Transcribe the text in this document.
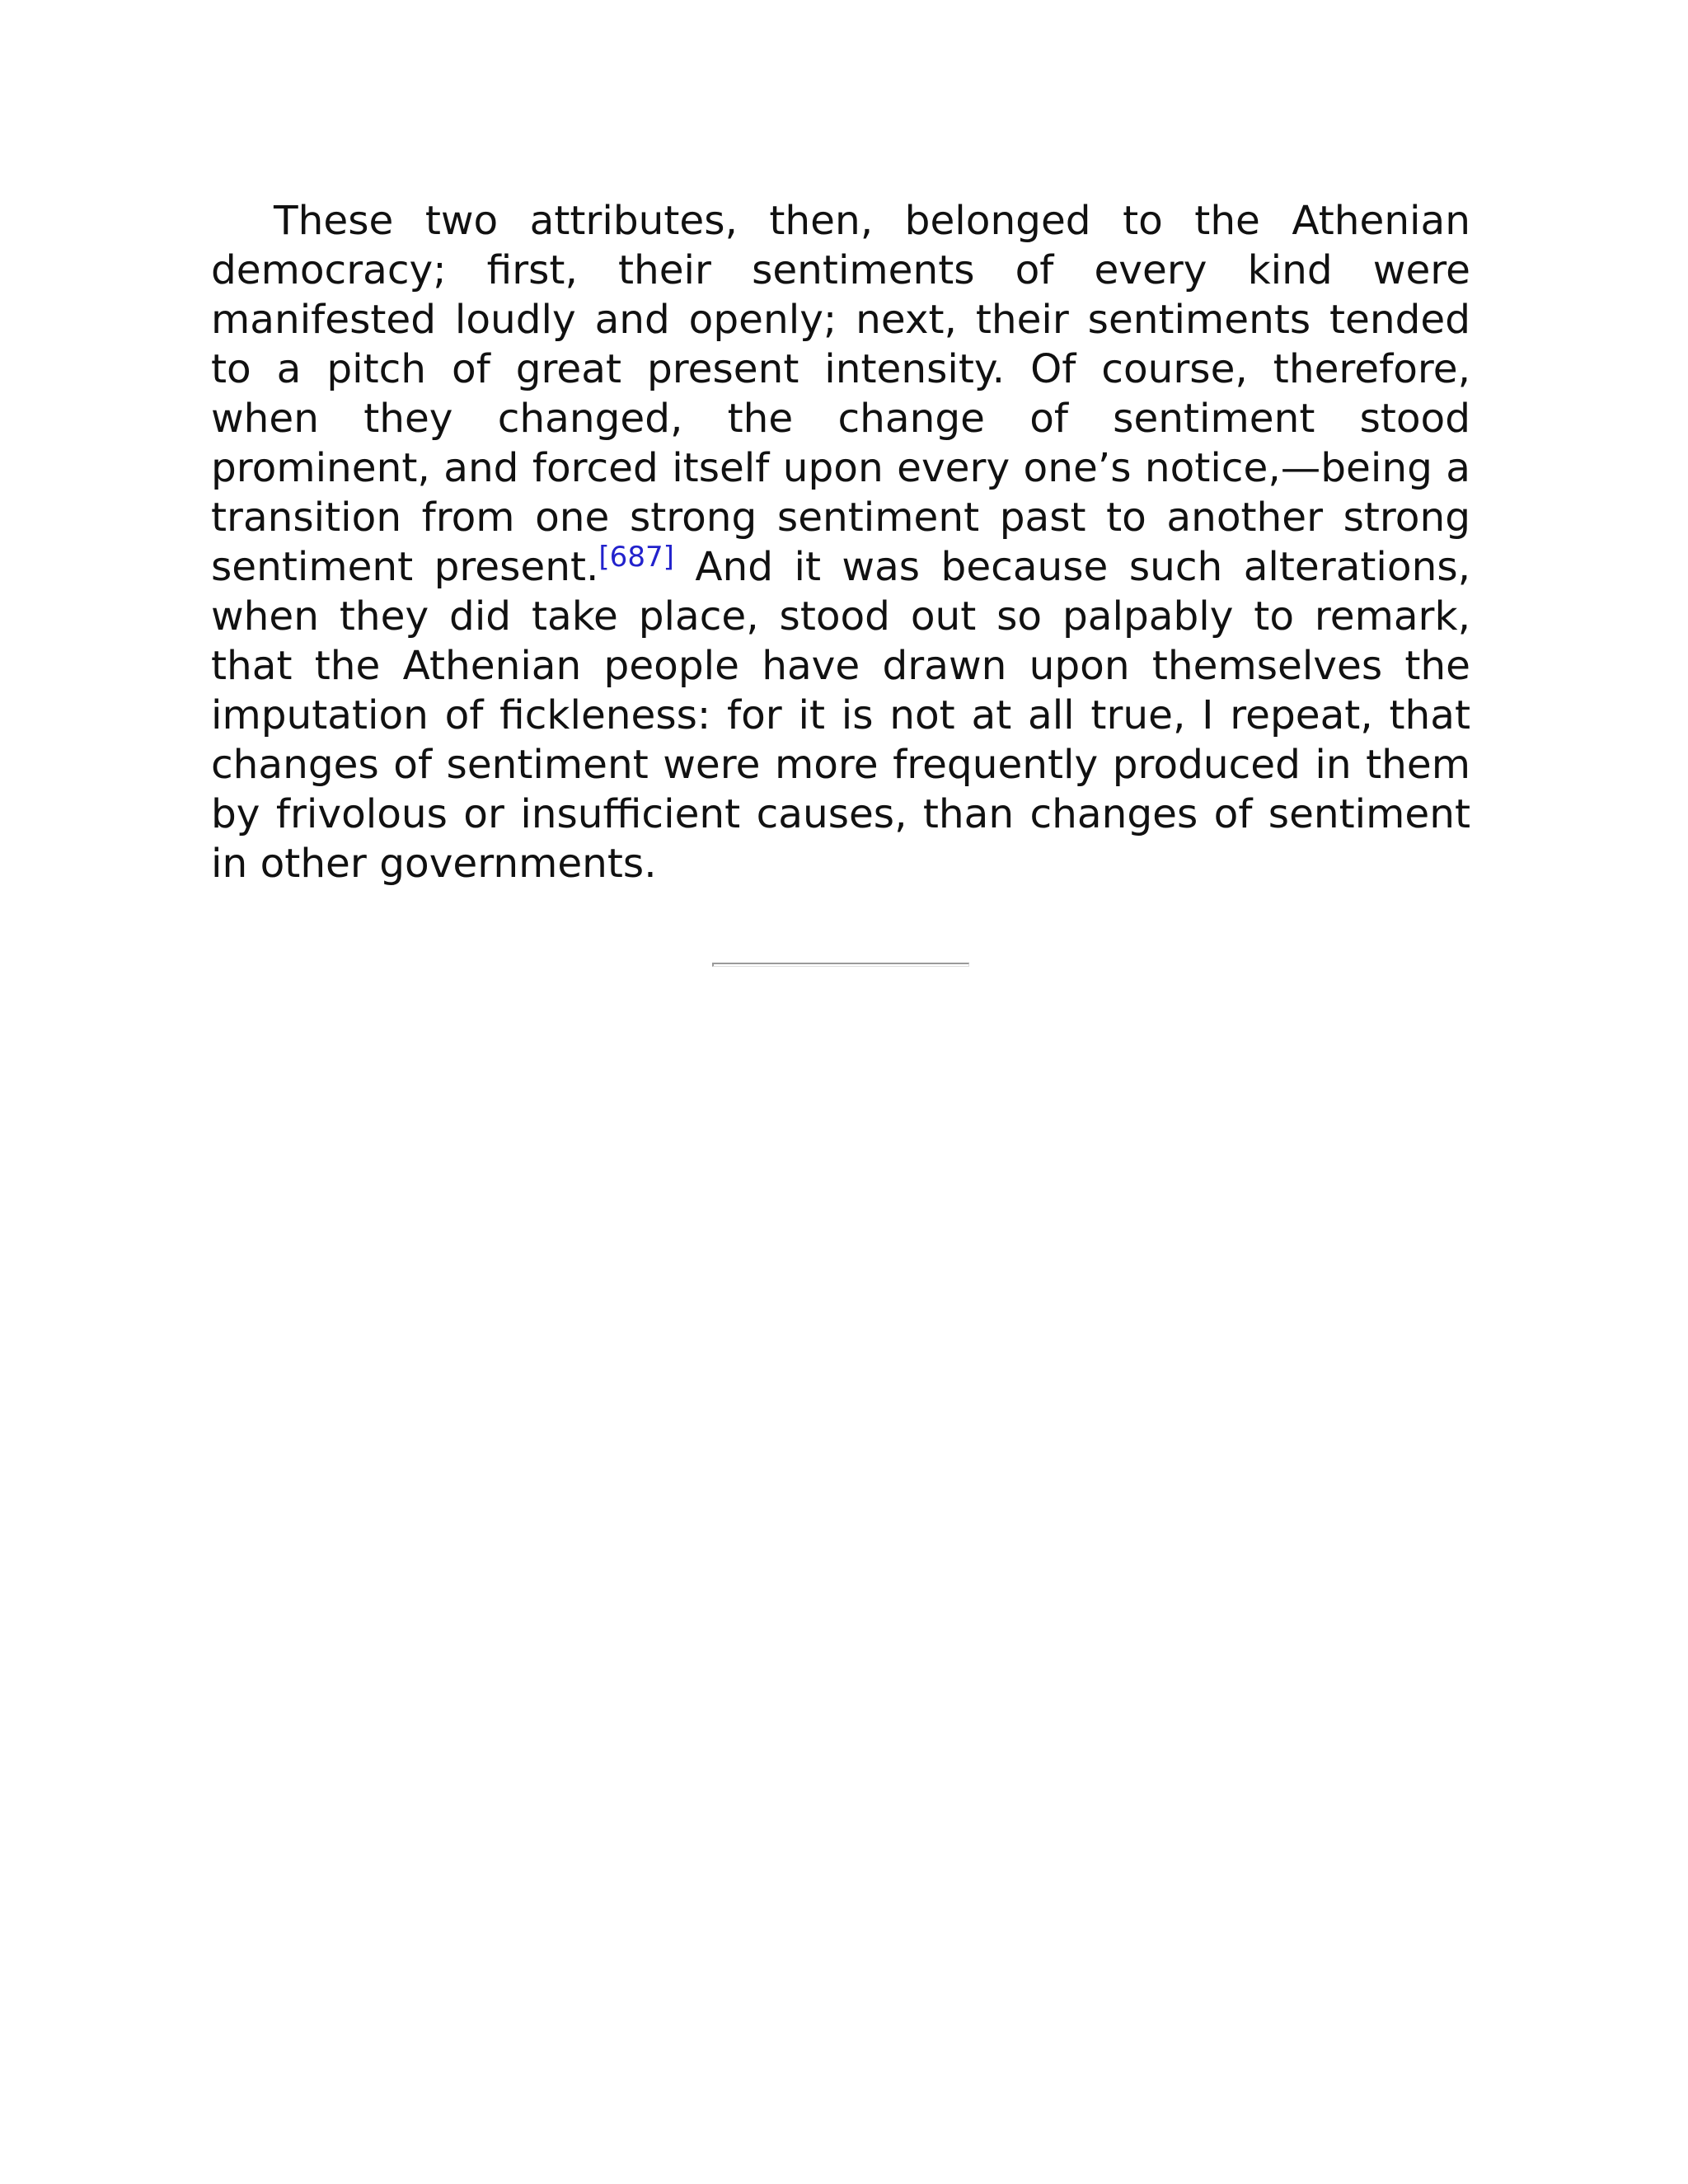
These two attributes, then, belonged to the Athenian democracy; first, their sentiments of every kind were manifested loudly and openly; next, their sentiments tended to a pitch of great present intensity. Of course, therefore, when they changed, the change of sentiment stood prominent, and forced itself upon every one’s notice,—being a transition from one strong sentiment past to another strong sentiment present.[687] And it was because such alterations, when they did take place, stood out so palpably to remark, that the Athenian people have drawn upon themselves the imputation of fickleness: for it is not at all true, I repeat, that changes of sentiment were more frequently produced in them by frivolous or insufficient causes, than changes of sentiment in other governments.
